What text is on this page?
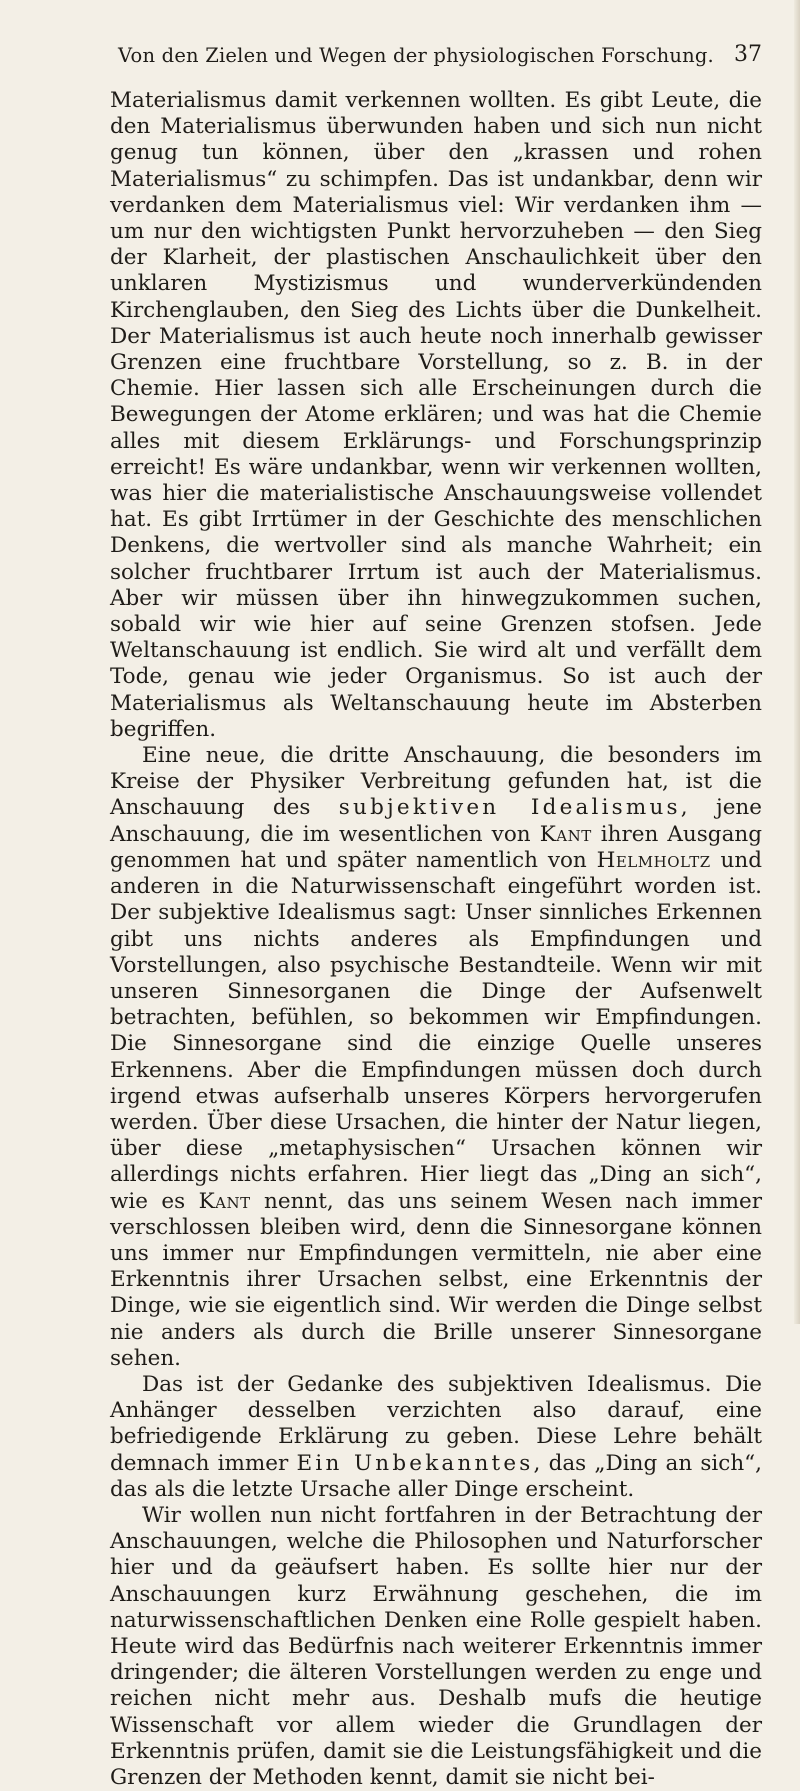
Von den Zielen und Wegen der physiologischen Forschung. 37

Materialismus damit verkennen wollten. Es gibt Leute, die den Materialismus überwunden haben und sich nun nicht genug tun können, über den „krassen und rohen Materialismus“ zu schimpfen. Das ist undankbar, denn wir verdanken dem Materialismus viel: Wir verdanken ihm — um nur den wichtigsten Punkt hervorzuheben — den Sieg der Klarheit, der plastischen Anschaulichkeit über den unklaren Mystizismus und wunderverkündenden Kirchenglauben, den Sieg des Lichts über die Dunkelheit. Der Materialismus ist auch heute noch innerhalb gewisser Grenzen eine fruchtbare Vorstellung, so z. B. in der Chemie. Hier lassen sich alle Erscheinungen durch die Bewegungen der Atome erklären; und was hat die Chemie alles mit diesem Erklärungs- und Forschungsprinzip erreicht! Es wäre undankbar, wenn wir verkennen wollten, was hier die materialistische Anschauungsweise vollendet hat. Es gibt Irrtümer in der Geschichte des menschlichen Denkens, die wertvoller sind als manche Wahrheit; ein solcher fruchtbarer Irrtum ist auch der Materialismus. Aber wir müssen über ihn hinwegzukommen suchen, sobald wir wie hier auf seine Grenzen stofsen. Jede Weltanschauung ist endlich. Sie wird alt und verfällt dem Tode, genau wie jeder Organismus. So ist auch der Materialismus als Weltanschauung heute im Absterben begriffen.

Eine neue, die dritte Anschauung, die besonders im Kreise der Physiker Verbreitung gefunden hat, ist die Anschauung des subjektiven Idealismus, jene Anschauung, die im wesentlichen von Kant ihren Ausgang genommen hat und später namentlich von Helmholtz und anderen in die Naturwissenschaft eingeführt worden ist. Der subjektive Idealismus sagt: Unser sinnliches Erkennen gibt uns nichts anderes als Empfindungen und Vorstellungen, also psychische Bestandteile. Wenn wir mit unseren Sinnesorganen die Dinge der Aufsenwelt betrachten, befühlen, so bekommen wir Empfindungen. Die Sinnesorgane sind die einzige Quelle unseres Erkennens. Aber die Empfindungen müssen doch durch irgend etwas aufserhalb unseres Körpers hervorgerufen werden. Über diese Ursachen, die hinter der Natur liegen, über diese „metaphysischen“ Ursachen können wir allerdings nichts erfahren. Hier liegt das „Ding an sich“, wie es Kant nennt, das uns seinem Wesen nach immer verschlossen bleiben wird, denn die Sinnesorgane können uns immer nur Empfindungen vermitteln, nie aber eine Erkenntnis ihrer Ursachen selbst, eine Erkenntnis der Dinge, wie sie eigentlich sind. Wir werden die Dinge selbst nie anders als durch die Brille unserer Sinnesorgane sehen.

Das ist der Gedanke des subjektiven Idealismus. Die Anhänger desselben verzichten also darauf, eine befriedigende Erklärung zu geben. Diese Lehre behält demnach immer Ein Unbekanntes, das „Ding an sich“, das als die letzte Ursache aller Dinge erscheint.

Wir wollen nun nicht fortfahren in der Betrachtung der Anschauungen, welche die Philosophen und Naturforscher hier und da geäufsert haben. Es sollte hier nur der Anschauungen kurz Erwähnung geschehen, die im naturwissenschaftlichen Denken eine Rolle gespielt haben. Heute wird das Bedürfnis nach weiterer Erkenntnis immer dringender; die älteren Vorstellungen werden zu enge und reichen nicht mehr aus. Deshalb mufs die heutige Wissenschaft vor allem wieder die Grundlagen der Erkenntnis prüfen, damit sie die Leistungsfähigkeit und die Grenzen der Methoden kennt, damit sie nicht bei-
